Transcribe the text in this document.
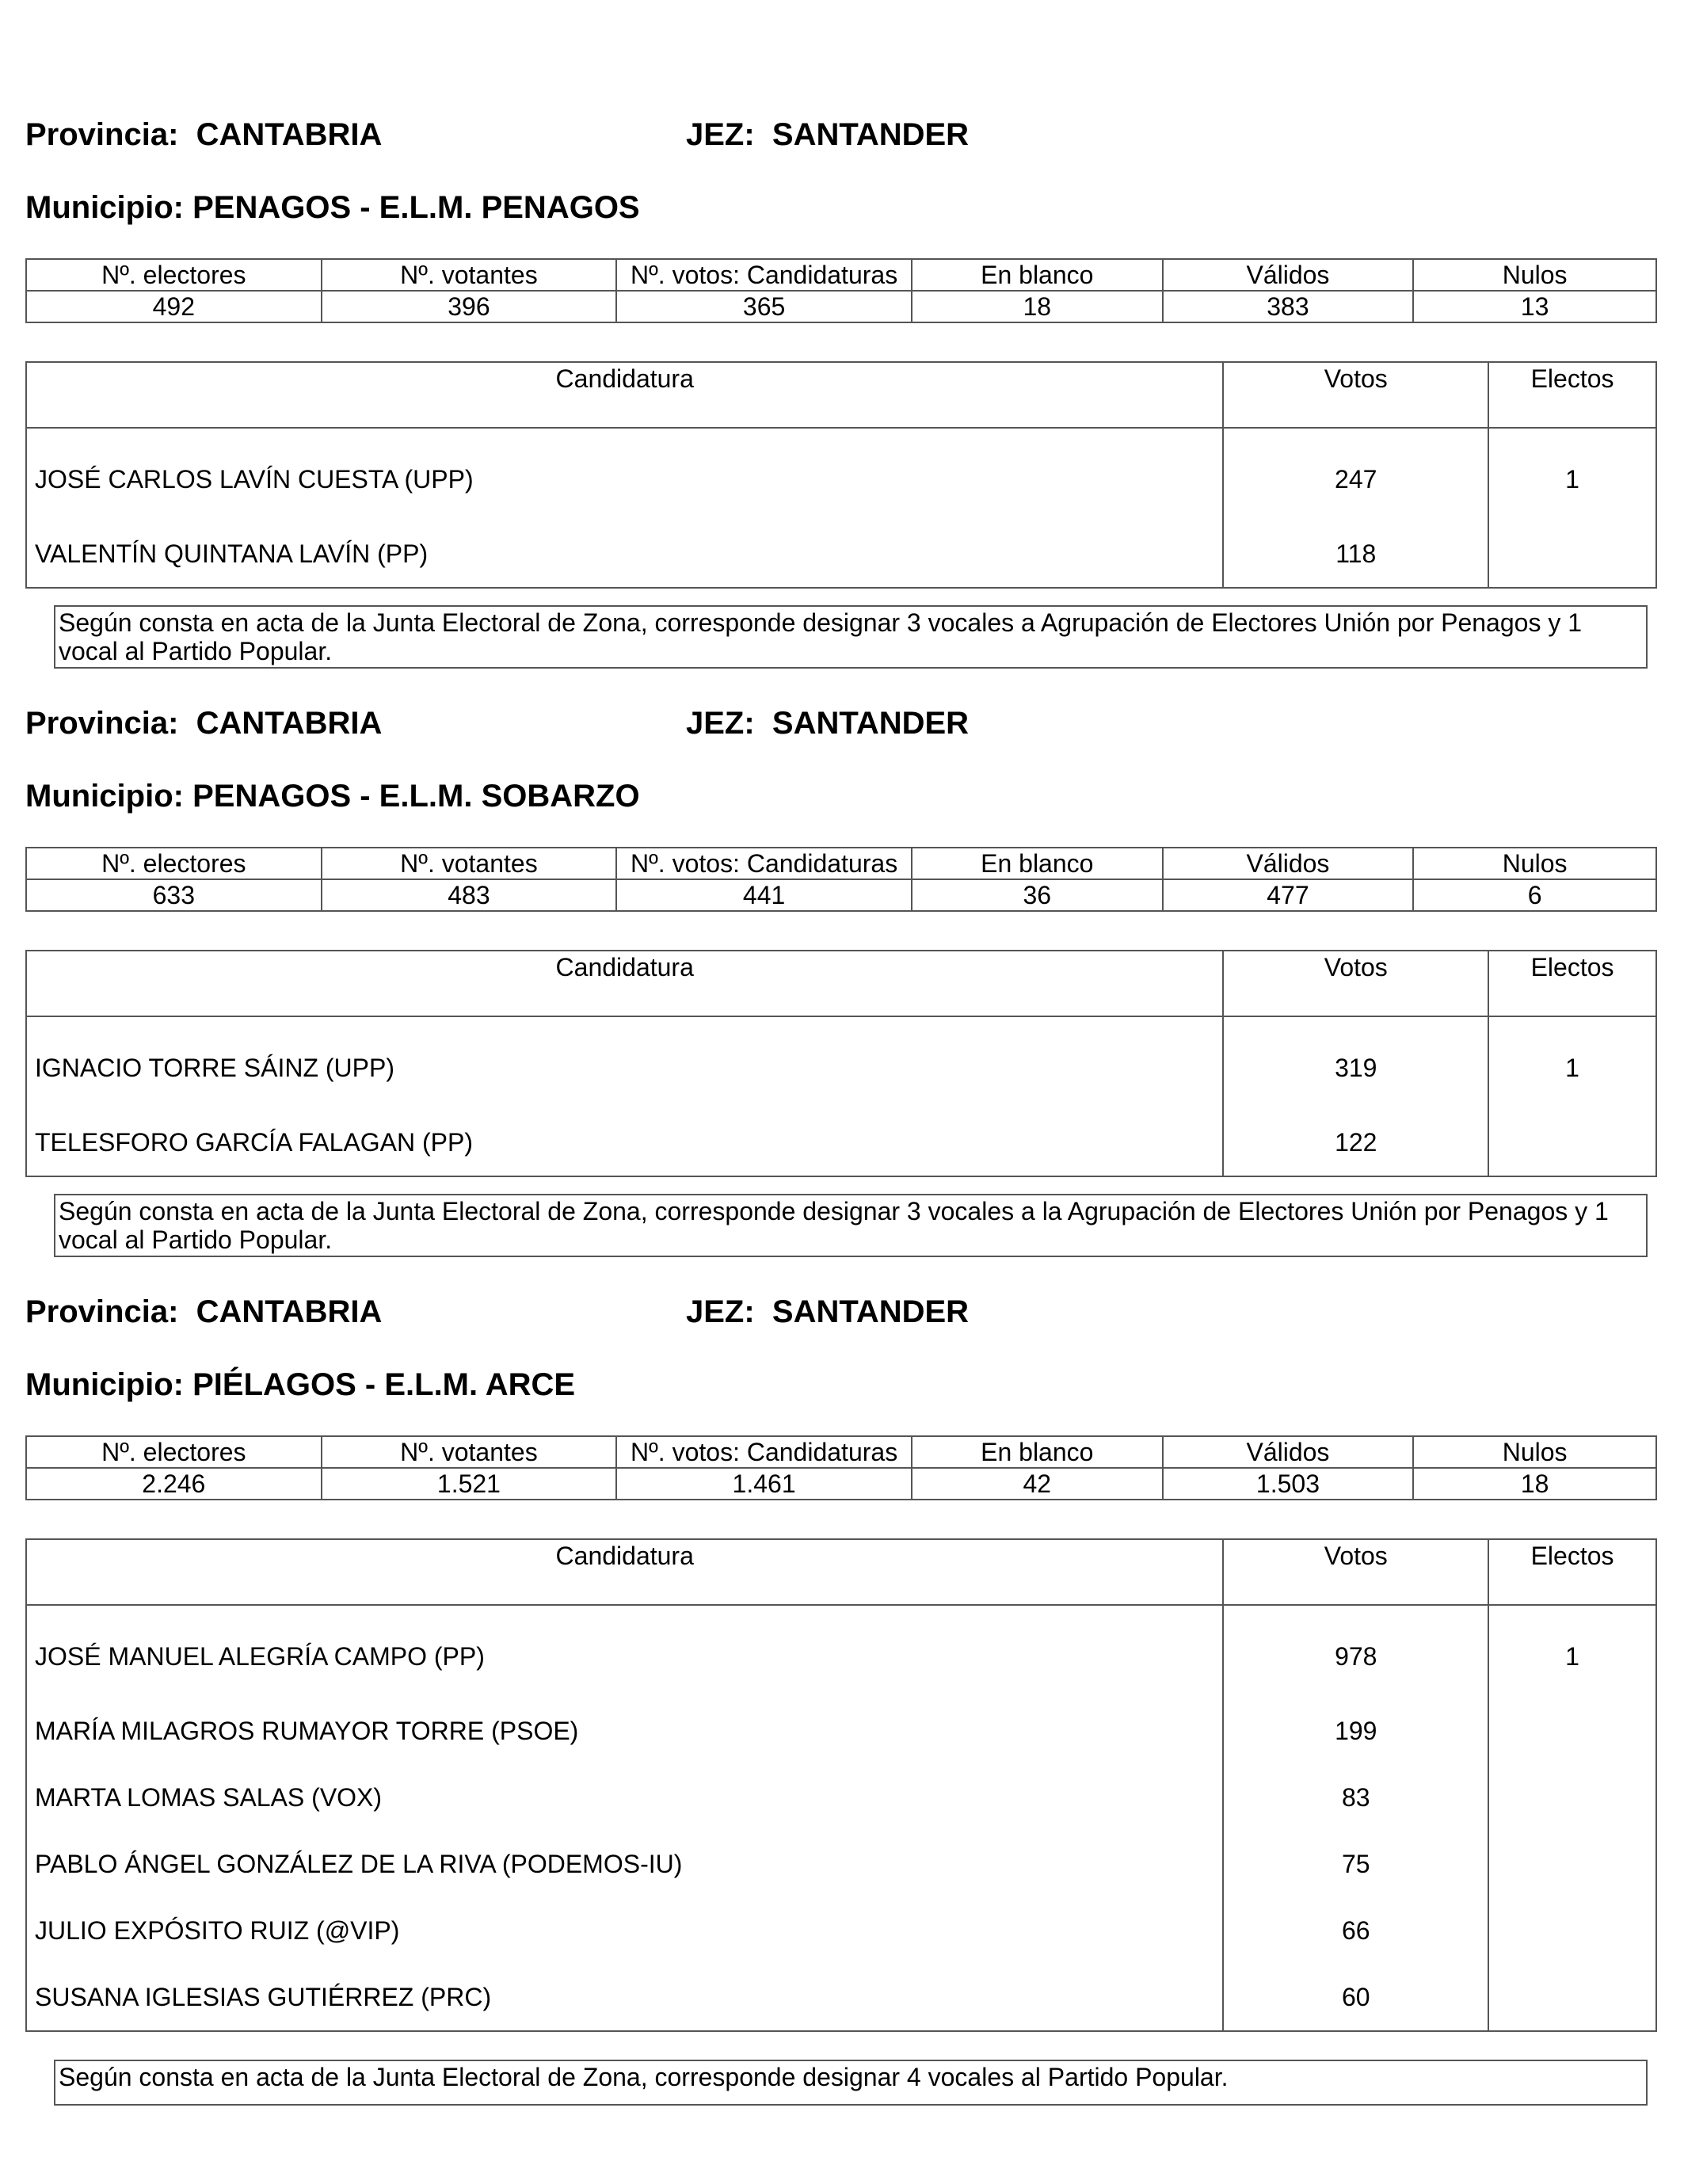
Provincia: CANTABRIA	JEZ: SANTANDER
Municipio: PENAGOS - E.L.M. PENAGOS
Nº. electores	Nº. votantes	Nº. votos: Candidaturas	En blanco	Válidos	Nulos
492	396	365	18	383	13
Candidatura	Votos	Electos
JOSÉ CARLOS LAVÍN CUESTA (UPP)	247	1
VALENTÍN QUINTANA LAVÍN (PP)	118	
Según consta en acta de la Junta Electoral de Zona, corresponde designar 3 vocales a Agrupación de Electores Unión por Penagos y 1 vocal al Partido Popular.
Provincia: CANTABRIA	JEZ: SANTANDER
Municipio: PENAGOS - E.L.M. SOBARZO
Nº. electores	Nº. votantes	Nº. votos: Candidaturas	En blanco	Válidos	Nulos
633	483	441	36	477	6
Candidatura	Votos	Electos
IGNACIO TORRE SÁINZ (UPP)	319	1
TELESFORO GARCÍA FALAGAN (PP)	122	
Según consta en acta de la Junta Electoral de Zona, corresponde designar 3 vocales a la Agrupación de Electores Unión por Penagos y 1 vocal al Partido Popular.
Provincia: CANTABRIA	JEZ: SANTANDER
Municipio: PIÉLAGOS - E.L.M. ARCE
Nº. electores	Nº. votantes	Nº. votos: Candidaturas	En blanco	Válidos	Nulos
2.246	1.521	1.461	42	1.503	18
Candidatura	Votos	Electos
JOSÉ MANUEL ALEGRÍA CAMPO (PP)	978	1
MARÍA MILAGROS RUMAYOR TORRE (PSOE)	199	
MARTA LOMAS SALAS (VOX)	83	
PABLO ÁNGEL GONZÁLEZ DE LA RIVA (PODEMOS-IU)	75	
JULIO EXPÓSITO RUIZ (@VIP)	66	
SUSANA IGLESIAS GUTIÉRREZ (PRC)	60	
Según consta en acta de la Junta Electoral de Zona, corresponde designar 4 vocales al Partido Popular.
